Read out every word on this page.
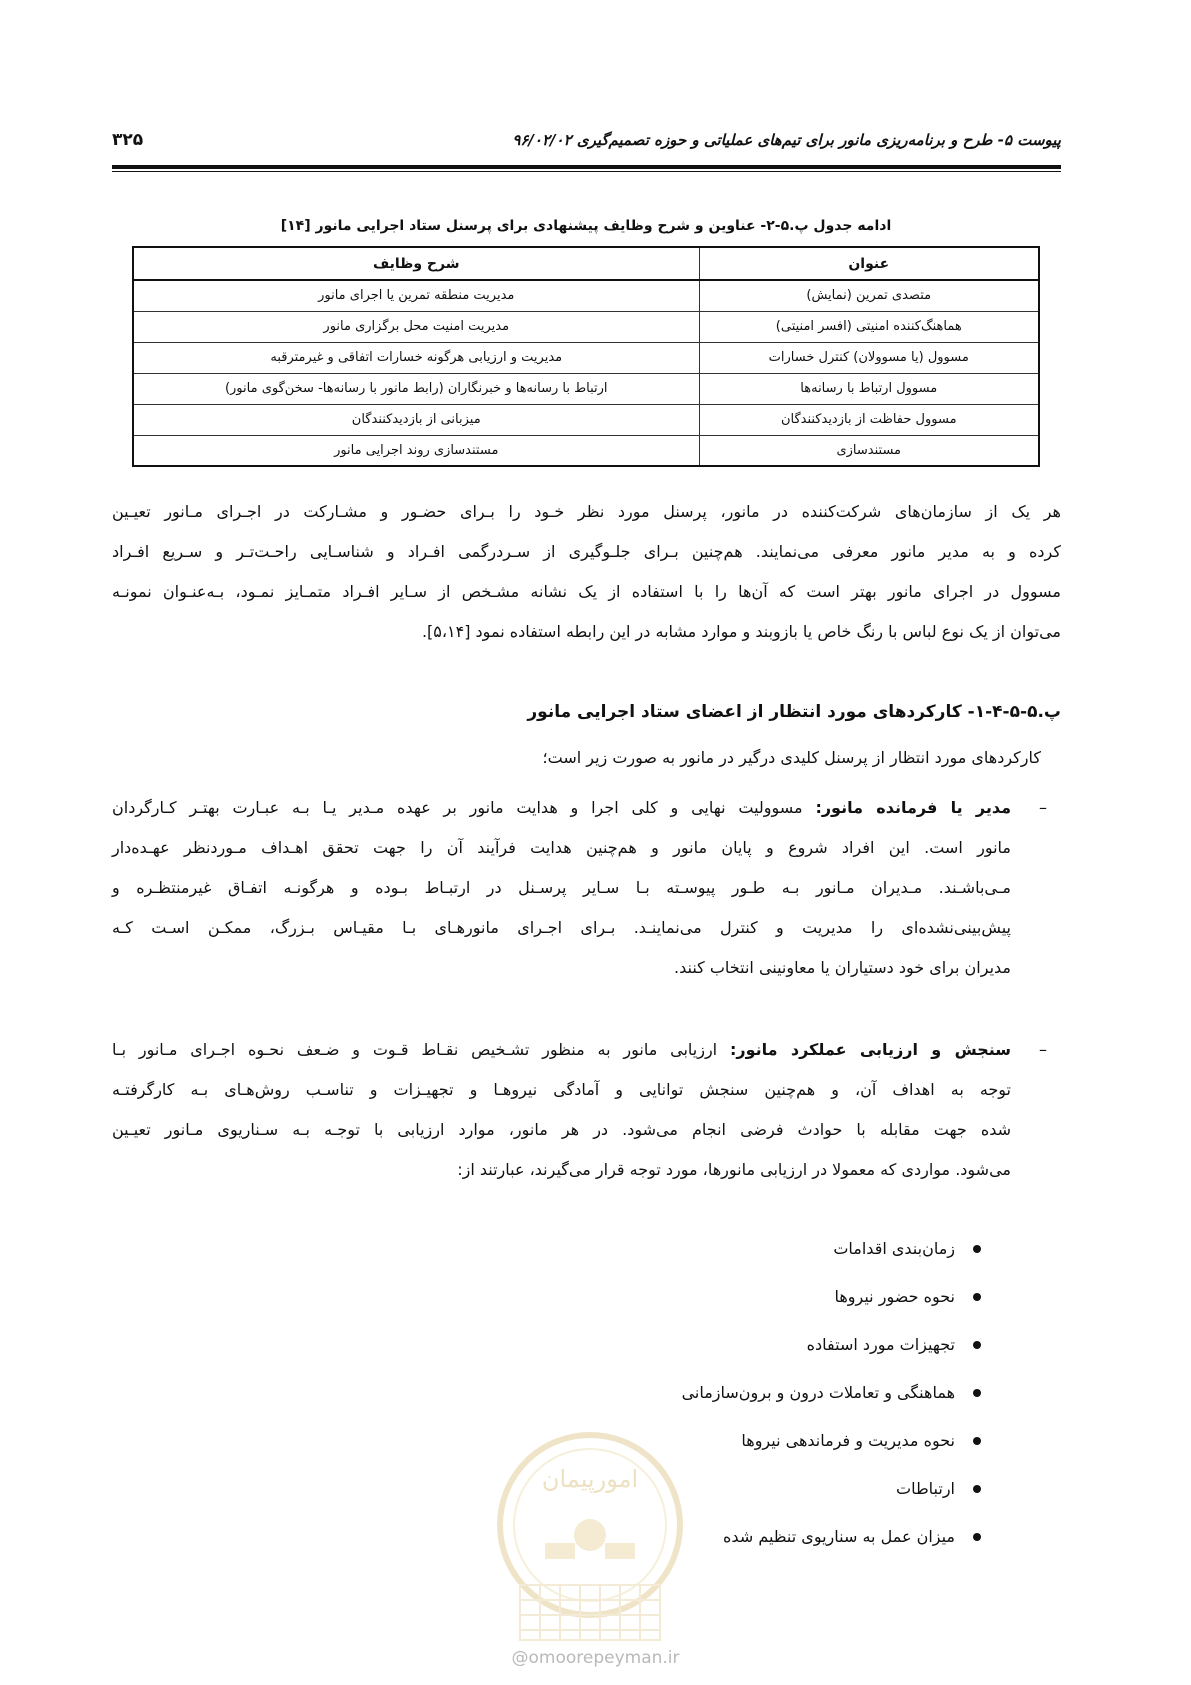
پیوست ۵- طرح و برنامه‌ریزی مانور برای تیم‌های عملیاتی و حوزه تصمیم‌گیری ۹۶/۰۲/۰۲
۳۲۵
ادامه جدول پ.۵-۲- عناوین و شرح وظایف پیشنهادی برای پرسنل ستاد اجرایی مانور [۱۴]
عنوان	شرح وظایف
متصدی تمرین (نمایش)	مدیریت منطقه تمرین یا اجرای مانور
هماهنگ‌کننده امنیتی (افسر امنیتی)	مدیریت امنیت محل برگزاری مانور
مسوول (یا مسوولان) کنترل خسارات	مدیریت و ارزیابی هرگونه خسارات اتفاقی و غیرمترقبه
مسوول ارتباط با رسانه‌ها	ارتباط با رسانه‌ها و خبرنگاران (رابط مانور با رسانه‌ها- سخن‌گوی مانور)
مسوول حفاظت از بازدیدکنندگان	میزبانی از بازدیدکنندگان
مستندسازی	مستندسازی روند اجرایی مانور
هر یک از سازمان‌های شرکت‌کننده در مانور، پرسنل مورد نظر خـود را بـرای حضـور و مشـارکت در اجـرای مـانور تعیـین
کرده و به مدیر مانور معرفی می‌نمایند. هم‌چنین بـرای جلـوگیری از سـردرگمی افـراد و شناسـایی راحـت‌تـر و سـریع افـراد
مسوول در اجرای مانور بهتر است که آن‌ها را با استفاده از یک نشانه مشـخص از سـایر افـراد متمـایز نمـود، بـه‌عنـوان نمونـه
می‌توان از یک نوع لباس با رنگ خاص یا بازوبند و موارد مشابه در این رابطه استفاده نمود [۵،۱۴].
پ.۵-۵-۴-۱- کارکردهای مورد انتظار از اعضای ستاد اجرایی مانور
کارکردهای مورد انتظار از پرسنل کلیدی درگیر در مانور به صورت زیر است؛
–
مدیر یا فرمانده مانور: مسوولیت نهایی و کلی اجرا و هدایت مانور بر عهده مـدیر یـا بـه عبـارت بهتـر کـارگردان
مانور است. این افراد شروع و پایان مانور و هم‌چنین هدایت فرآیند آن را جهت تحقق اهـداف مـوردنظر عهـده‌دار
مـی‌باشـند. مـدیران مـانور بـه طـور پیوسـته بـا سـایر پرسـنل در ارتبـاط بـوده و هرگونـه اتفـاق غیرمنتظـره و
پیش‌بینی‌نشده‌ای را مدیریت و کنترل می‌نماینـد. بـرای اجـرای مانورهـای بـا مقیـاس بـزرگ، ممکـن اسـت کـه
مدیران برای خود دستیاران یا معاونینی انتخاب کنند.
–
سنجش و ارزیابی عملکرد مانور: ارزیابی مانور به منظور تشـخیص نقـاط قـوت و ضـعف نحـوه اجـرای مـانور بـا
توجه به اهداف آن، و هم‌چنین سنجش توانایی و آمادگی نیروهـا و تجهیـزات و تناسـب روش‌هـای بـه کارگرفتـه
شده جهت مقابله با حوادث فرضی انجام می‌شود. در هر مانور، موارد ارزیابی با توجـه بـه سـناریوی مـانور تعیـین
می‌شود. مواردی که معمولا در ارزیابی مانورها، مورد توجه قرار می‌گیرند، عبارتند از:
زمان‌بندی اقدامات
نحوه حضور نیروها
تجهیزات مورد استفاده
هماهنگی و تعاملات درون و برون‌سازمانی
نحوه مدیریت و فرماندهی نیروها
ارتباطات
میزان عمل به سناریوی تنظیم شده
امورپیمان
@omoorepeyman.ir
